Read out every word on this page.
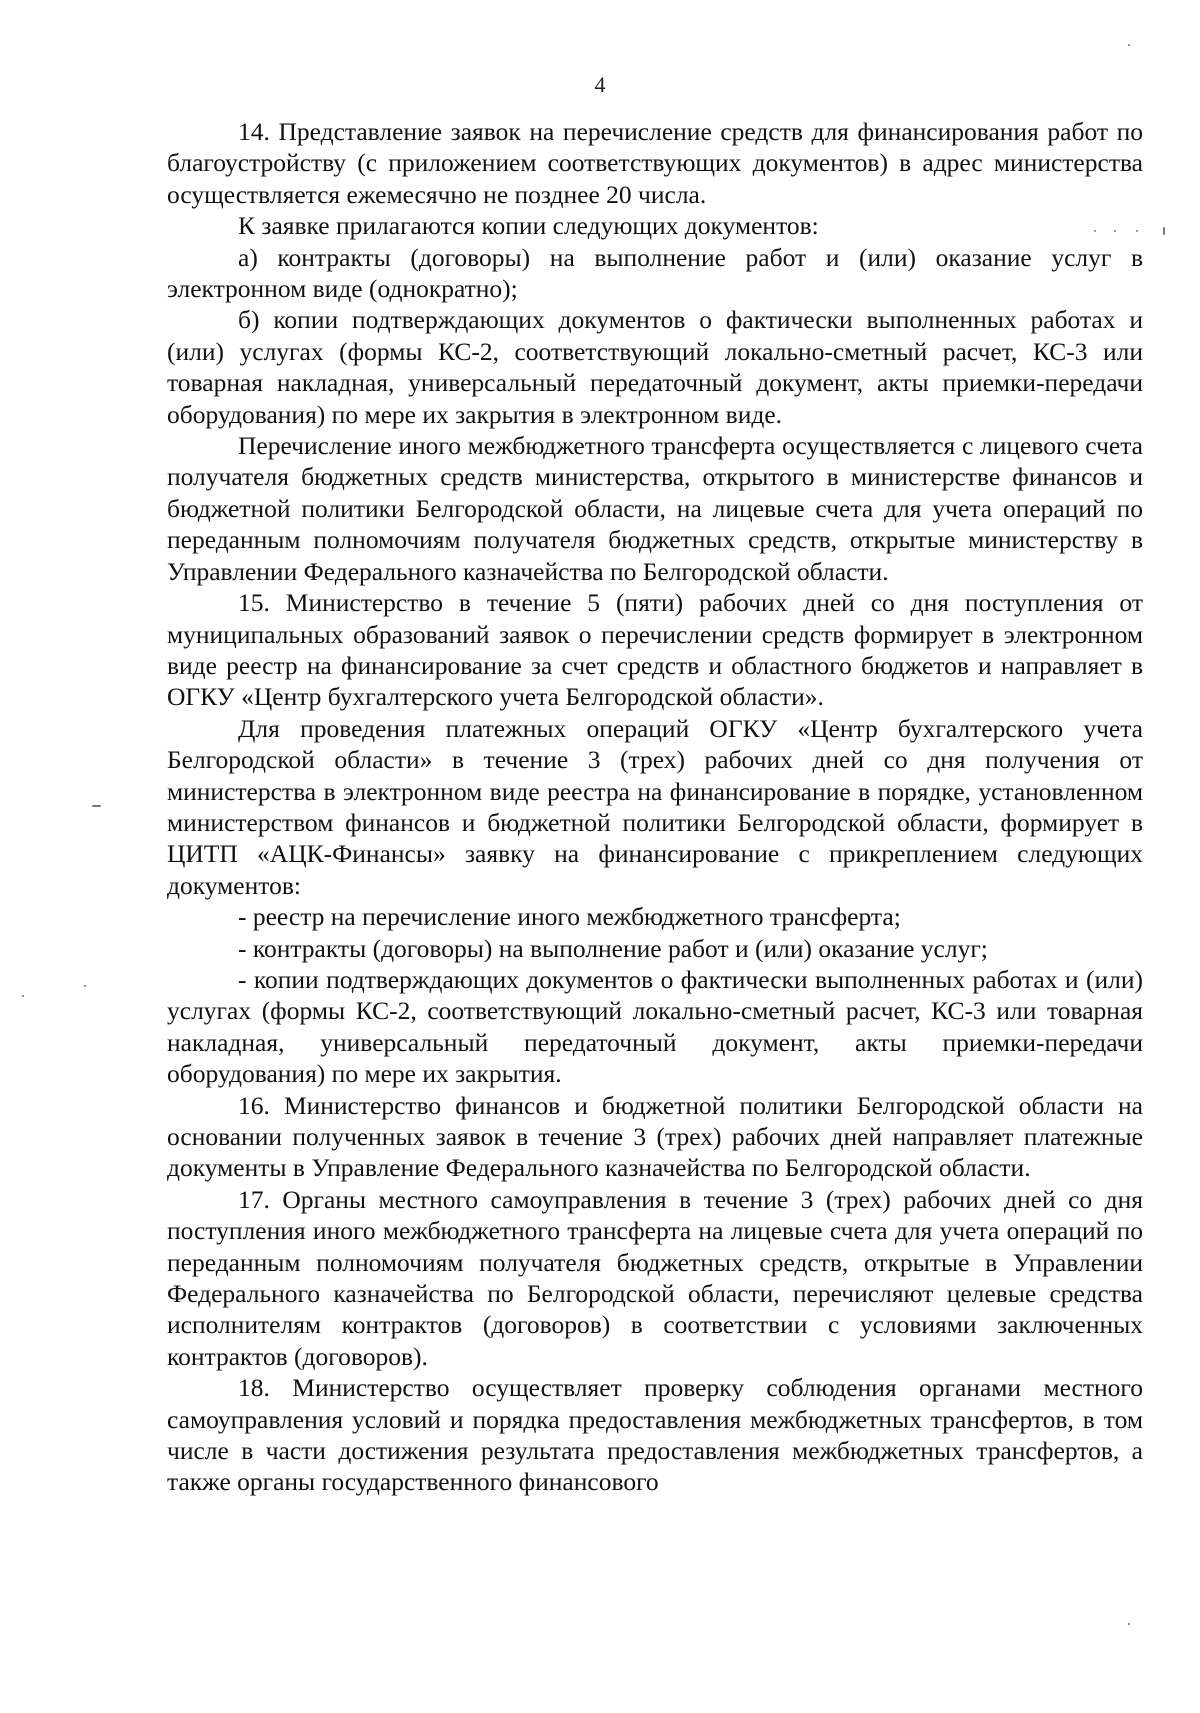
4

14. Представление заявок на перечисление средств для финансирования работ по благоустройству (с приложением соответствующих документов) в адрес министерства осуществляется ежемесячно не позднее 20 числа.

К заявке прилагаются копии следующих документов:

а) контракты (договоры) на выполнение работ и (или) оказание услуг в электронном виде (однократно);

б) копии подтверждающих документов о фактически выполненных работах и (или) услугах (формы КС-2, соответствующий локально-сметный расчет, КС-3 или товарная накладная, универсальный передаточный документ, акты приемки-передачи оборудования) по мере их закрытия в электронном виде.

Перечисление иного межбюджетного трансферта осуществляется с лицевого счета получателя бюджетных средств министерства, открытого в министерстве финансов и бюджетной политики Белгородской области, на лицевые счета для учета операций по переданным полномочиям получателя бюджетных средств, открытые министерству в Управлении Федерального казначейства по Белгородской области.

15. Министерство в течение 5 (пяти) рабочих дней со дня поступления от муниципальных образований заявок о перечислении средств формирует в электронном виде реестр на финансирование за счет средств и областного бюджетов и направляет в ОГКУ «Центр бухгалтерского учета Белгородской области».

Для проведения платежных операций ОГКУ «Центр бухгалтерского учета Белгородской области» в течение 3 (трех) рабочих дней со дня получения от министерства в электронном виде реестра на финансирование в порядке, установленном министерством финансов и бюджетной политики Белгородской области, формирует в ЦИТП «АЦК-Финансы» заявку на финансирование с прикреплением следующих документов:

- реестр на перечисление иного межбюджетного трансферта;

- контракты (договоры) на выполнение работ и (или) оказание услуг;

- копии подтверждающих документов о фактически выполненных работах и (или) услугах (формы КС-2, соответствующий локально-сметный расчет, КС-3 или товарная накладная, универсальный передаточный документ, акты приемки-передачи оборудования) по мере их закрытия.

16. Министерство финансов и бюджетной политики Белгородской области на основании полученных заявок в течение 3 (трех) рабочих дней направляет платежные документы в Управление Федерального казначейства по Белгородской области.

17. Органы местного самоуправления в течение 3 (трех) рабочих дней со дня поступления иного межбюджетного трансферта на лицевые счета для учета операций по переданным полномочиям получателя бюджетных средств, открытые в Управлении Федерального казначейства по Белгородской области, перечисляют целевые средства исполнителям контрактов (договоров) в соответствии с условиями заключенных контрактов (договоров).

18. Министерство осуществляет проверку соблюдения органами местного самоуправления условий и порядка предоставления межбюджетных трансфертов, в том числе в части достижения результата предоставления межбюджетных трансфертов, а также органы государственного финансового
